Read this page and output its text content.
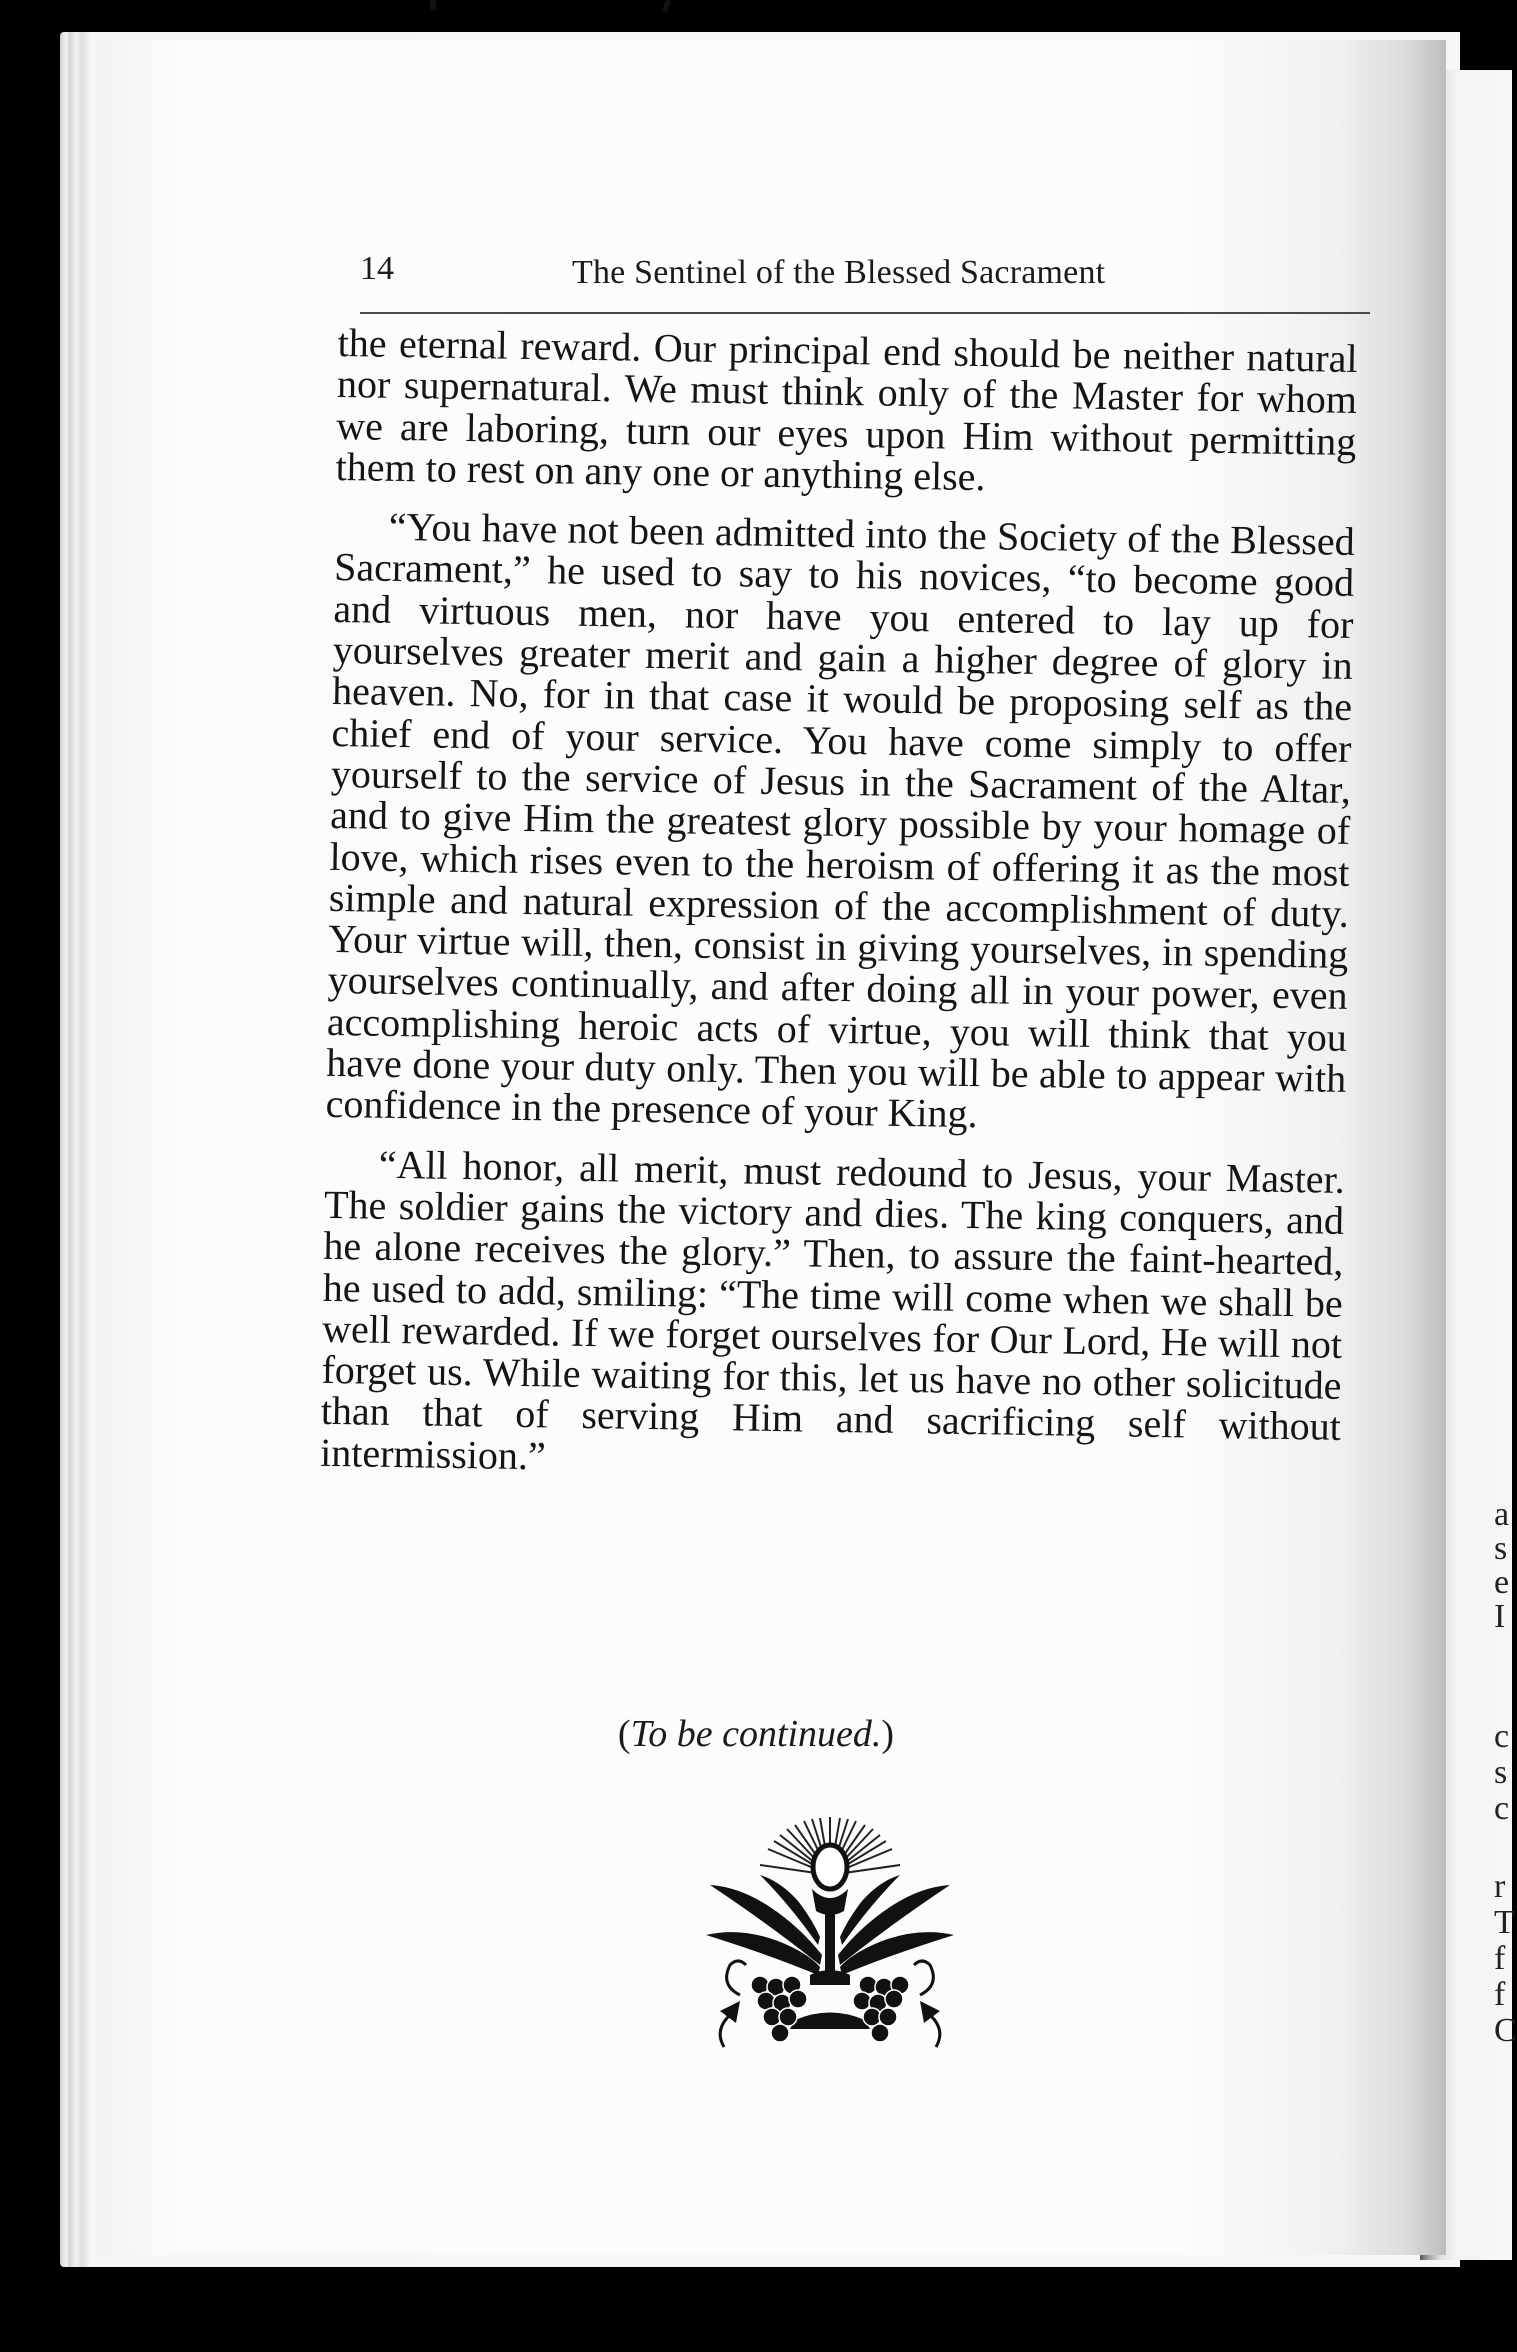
a
s
e
I
c
s
c
r
T
f
f
C
14	The Sentinel of the Blessed Sacrament

the eternal reward. Our principal end should be neither natural nor supernatural. We must think only of the Master for whom we are laboring, turn our eyes upon Him without permitting them to rest on any one or anything else.

“You have not been admitted into the Society of the Blessed Sacrament,” he used to say to his novices, “to become good and virtuous men, nor have you entered to lay up for yourselves greater merit and gain a higher degree of glory in heaven. No, for in that case it would be proposing self as the chief end of your service. You have come simply to offer yourself to the service of Jesus in the Sacrament of the Altar, and to give Him the greatest glory possible by your homage of love, which rises even to the heroism of offering it as the most simple and natural expression of the accomplishment of duty. Your virtue will, then, consist in giving yourselves, in spending yourselves continually, and after doing all in your power, even accomplishing heroic acts of virtue, you will think that you have done your duty only. Then you will be able to appear with confidence in the presence of your King.

“All honor, all merit, must redound to Jesus, your Master. The soldier gains the victory and dies. The king conquers, and he alone receives the glory.” Then, to assure the faint-hearted, he used to add, smiling: “The time will come when we shall be well rewarded. If we forget ourselves for Our Lord, He will not forget us. While waiting for this, let us have no other solicitude than that of serving Him and sacrificing self without intermission.”

(To be continued.)
